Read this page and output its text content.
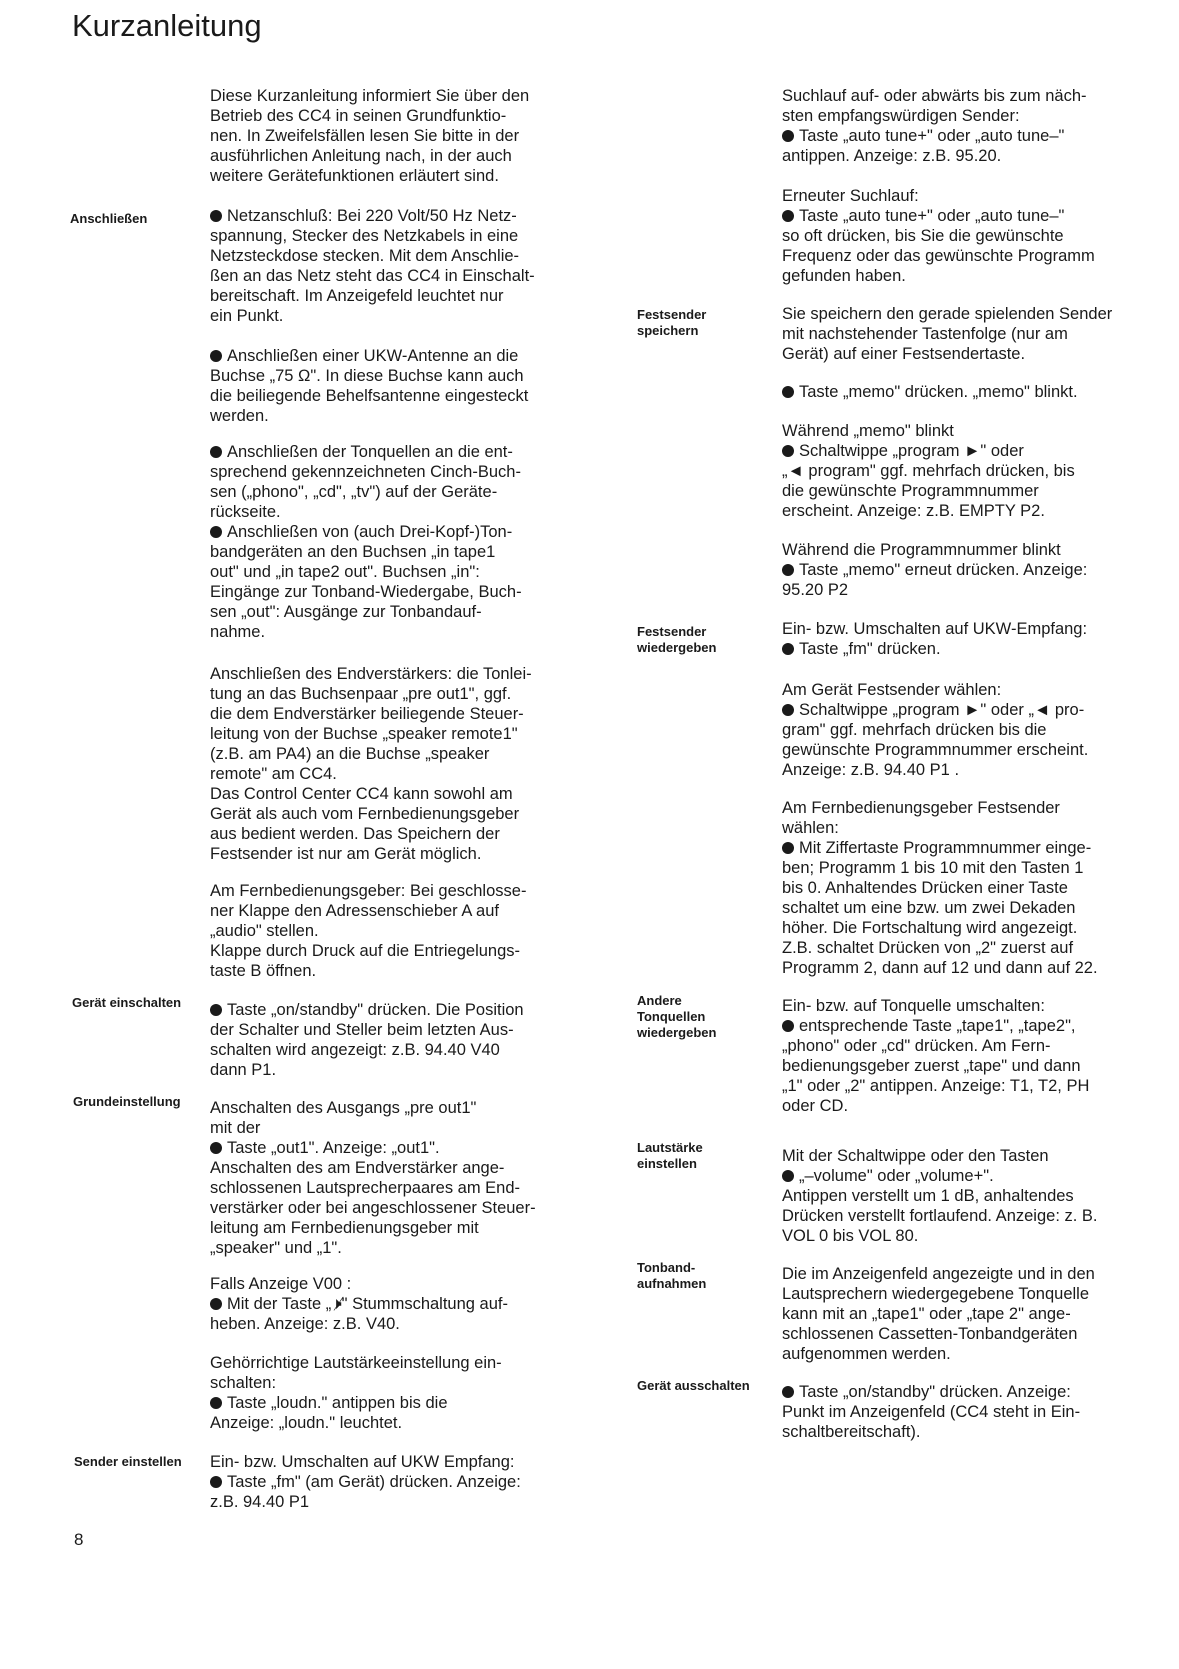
Kurzanleitung
Anschließen
Gerät einschalten
Grundeinstellung
Sender einstellen
Festsender
speichern
Festsender
wiedergeben
Andere
Tonquellen
wiedergeben
Lautstärke
einstellen
Tonband-
aufnahmen
Gerät ausschalten
Diese Kurzanleitung informiert Sie über den
Betrieb des CC4 in seinen Grundfunktio-
nen. In Zweifelsfällen lesen Sie bitte in der
ausführlichen Anleitung nach, in der auch
weitere Gerätefunktionen erläutert sind.
Netzanschluß: Bei 220 Volt/50 Hz Netz-
spannung, Stecker des Netzkabels in eine
Netzsteckdose stecken. Mit dem Anschlie-
ßen an das Netz steht das CC4 in Einschalt-
bereitschaft. Im Anzeigefeld leuchtet nur
ein Punkt.
Anschließen einer UKW-Antenne an die
Buchse „75 Ω". In diese Buchse kann auch
die beiliegende Behelfsantenne eingesteckt
werden.
Anschließen der Tonquellen an die ent-
sprechend gekennzeichneten Cinch-Buch-
sen („phono", „cd", „tv") auf der Geräte-
rückseite.
Anschließen von (auch Drei-Kopf-)Ton-
bandgeräten an den Buchsen „in tape1
out" und „in tape2 out". Buchsen „in":
Eingänge zur Tonband-Wiedergabe, Buch-
sen „out": Ausgänge zur Tonbandauf-
nahme.
Anschließen des Endverstärkers: die Tonlei-
tung an das Buchsenpaar „pre out1", ggf.
die dem Endverstärker beiliegende Steuer-
leitung von der Buchse „speaker remote1"
(z.B. am PA4) an die Buchse „speaker
remote" am CC4.
Das Control Center CC4 kann sowohl am
Gerät als auch vom Fernbedienungsgeber
aus bedient werden. Das Speichern der
Festsender ist nur am Gerät möglich.
Am Fernbedienungsgeber: Bei geschlosse-
ner Klappe den Adressenschieber A auf
„audio" stellen.
Klappe durch Druck auf die Entriegelungs-
taste B öffnen.
Taste „on/standby" drücken. Die Position
der Schalter und Steller beim letzten Aus-
schalten wird angezeigt: z.B. 94.40 V40
dann P1.
Anschalten des Ausgangs „pre out1"
mit der
Taste „out1". Anzeige: „out1".
Anschalten des am Endverstärker ange-
schlossenen Lautsprecherpaares am End-
verstärker oder bei angeschlossener Steuer-
leitung am Fernbedienungsgeber mit
„speaker" und „1".
Falls Anzeige V00 :
Mit der Taste „🕨̸" Stummschaltung auf-
heben. Anzeige: z.B. V40.
Gehörrichtige Lautstärkeeinstellung ein-
schalten:
Taste „loudn." antippen bis die
Anzeige: „loudn." leuchtet.
Ein- bzw. Umschalten auf UKW Empfang:
Taste „fm" (am Gerät) drücken. Anzeige:
z.B. 94.40 P1
Suchlauf auf- oder abwärts bis zum näch-
sten empfangswürdigen Sender:
Taste „auto tune+" oder „auto tune–"
antippen. Anzeige: z.B. 95.20.
Erneuter Suchlauf:
Taste „auto tune+" oder „auto tune–"
so oft drücken, bis Sie die gewünschte
Frequenz oder das gewünschte Programm
gefunden haben.
Sie speichern den gerade spielenden Sender
mit nachstehender Tastenfolge (nur am
Gerät) auf einer Festsendertaste.
Taste „memo" drücken. „memo" blinkt.
Während „memo" blinkt
Schaltwippe „program ►" oder
„◄ program" ggf. mehrfach drücken, bis
die gewünschte Programmnummer
erscheint. Anzeige: z.B. EMPTY P2.
Während die Programmnummer blinkt
Taste „memo" erneut drücken. Anzeige:
95.20 P2
Ein- bzw. Umschalten auf UKW-Empfang:
Taste „fm" drücken.
Am Gerät Festsender wählen:
Schaltwippe „program ►" oder „◄ pro-
gram" ggf. mehrfach drücken bis die
gewünschte Programmnummer erscheint.
Anzeige: z.B. 94.40 P1 .
Am Fernbedienungsgeber Festsender
wählen:
Mit Ziffertaste Programmnummer einge-
ben; Programm 1 bis 10 mit den Tasten 1
bis 0. Anhaltendes Drücken einer Taste
schaltet um eine bzw. um zwei Dekaden
höher. Die Fortschaltung wird angezeigt.
Z.B. schaltet Drücken von „2" zuerst auf
Programm 2, dann auf 12 und dann auf 22.
Ein- bzw. auf Tonquelle umschalten:
entsprechende Taste „tape1", „tape2",
„phono" oder „cd" drücken. Am Fern-
bedienungsgeber zuerst „tape" und dann
„1" oder „2" antippen. Anzeige: T1, T2, PH
oder CD.
Mit der Schaltwippe oder den Tasten
„–volume" oder „volume+".
Antippen verstellt um 1 dB, anhaltendes
Drücken verstellt fortlaufend. Anzeige: z. B.
VOL 0 bis VOL 80.
Die im Anzeigenfeld angezeigte und in den
Lautsprechern wiedergegebene Tonquelle
kann mit an „tape1" oder „tape 2" ange-
schlossenen Cassetten-Tonbandgeräten
aufgenommen werden.
Taste „on/standby" drücken. Anzeige:
Punkt im Anzeigenfeld (CC4 steht in Ein-
schaltbereitschaft).
8
